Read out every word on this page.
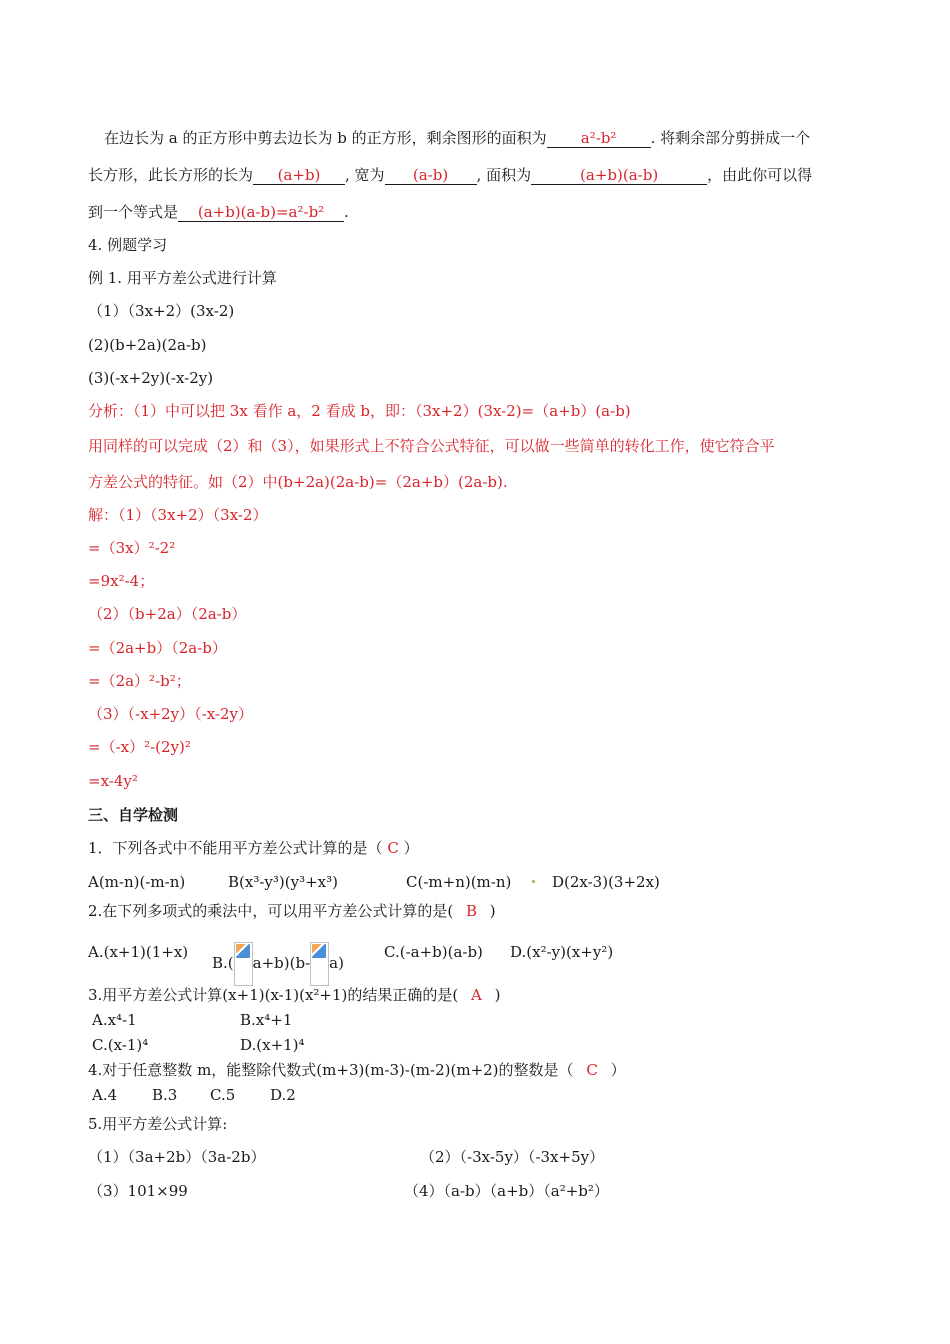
在边长为 a 的正方形中剪去边长为 b 的正方形，剩余图形的面积为 a²-b² . 将剩余部分剪拼成一个
长方形，此长方形的长为 (a+b) , 宽为 (a-b) , 面积为	(a+b)(a-b)	，由此你可以得
到一个等式是 (a+b)(a-b)=a²-b² .
4. 例题学习
例 1. 用平方差公式进行计算
（1）（3x+2）(3x-2)
(2)(b+2a)(2a-b)
(3)(-x+2y)(-x-2y)
分析：（1）中可以把 3x 看作 a，2 看成 b，即：（3x+2）(3x-2)=（a+b）(a-b)
用同样的可以完成（2）和（3），如果形式上不符合公式特征，可以做一些简单的转化工作，使它符合平
方差公式的特征。如（2）中(b+2a)(2a-b)=（2a+b）(2a-b).
解：（1）（3x+2）（3x-2）
=（3x）²-2²
=9x²-4；
（2）（b+2a）（2a-b）
=（2a+b）（2a-b）
=（2a）²-b²；
（3）（-x+2y）（-x-2y）
=（-x）²-(2y)²
=x-4y²
三、自学检测
1．下列各式中不能用平方差公式计算的是（ C ）
A(m-n)(-m-n)	B(x³-y³)(y³+x³)	C(-m+n)(m-n)	D(2x-3)(3+2x)
2.在下列多项式的乘法中，可以用平方差公式计算的是( B )
A.(x+1)(1+x)
B.( a+b)(b- a)
C.(-a+b)(a-b) D.(x²-y)(x+y²)
3.用平方差公式计算(x+1)(x-1)(x²+1)的结果正确的是( A )
A.x⁴-1	B.x⁴+1
C.(x-1)⁴	D.(x+1)⁴
4.对于任意整数 m，能整除代数式(m+3)(m-3)-(m-2)(m+2)的整数是（ C ）
A.4 B.3 C.5 D.2
5.用平方差公式计算:
（1）（3a+2b）（3a-2b）	（2）（-3x-5y）（-3x+5y）
（3）101×99	（4）（a-b）（a+b）（a²+b²）
